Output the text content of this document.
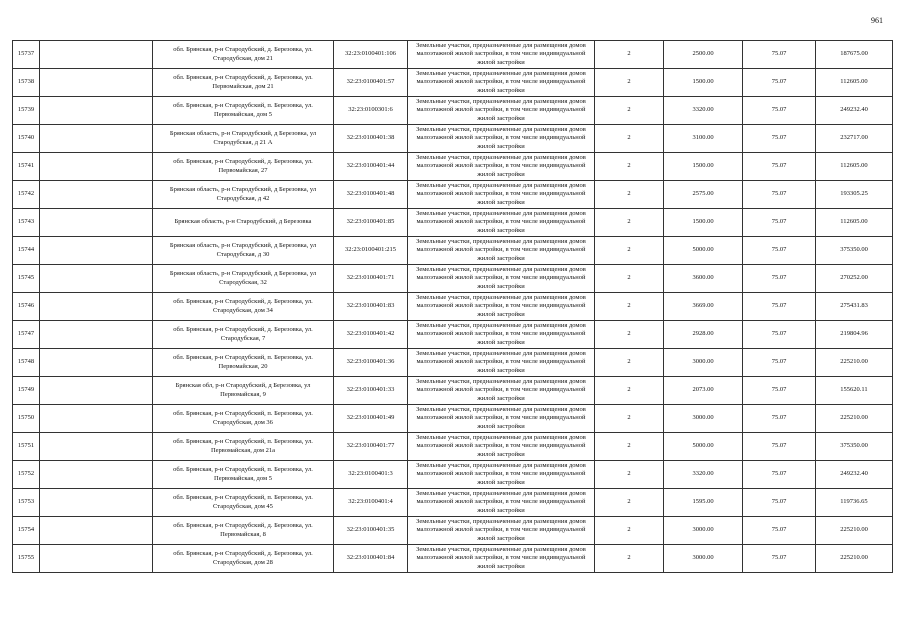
961
15737		обл. Брянская, р-н Стародубский, д. Березовка, ул. Стародубская, дом 21	32:23:0100401:106	Земельные участки, предназначенные для размещения домов малоэтажной жилой застройки, в том числе индивидуальной жилой застройки	2	2500.00	75.07	187675.00
15738		обл. Брянская, р-н Стародубский, д. Березовка, ул. Первомайская, дом 21	32:23:0100401:57	Земельные участки, предназначенные для размещения домов малоэтажной жилой застройки, в том числе индивидуальной жилой застройки	2	1500.00	75.07	112605.00
15739		обл. Брянская, р-н Стародубский, п. Березовка, ул. Первомайская, дом 5	32:23:0100301:6	Земельные участки, предназначенные для размещения домов малоэтажной жилой застройки, в том числе индивидуальной жилой застройки	2	3320.00	75.07	249232.40
15740		Брянская область, р-н Стародубский, д Березовка, ул Стародубская, д 21 А	32:23:0100401:38	Земельные участки, предназначенные для размещения домов малоэтажной жилой застройки, в том числе индивидуальной жилой застройки	2	3100.00	75.07	232717.00
15741		обл. Брянская, р-н Стародубский, д. Березовка, ул. Первомайская, 27	32:23:0100401:44	Земельные участки, предназначенные для размещения домов малоэтажной жилой застройки, в том числе индивидуальной жилой застройки	2	1500.00	75.07	112605.00
15742		Брянская область, р-н Стародубский, д Березовка, ул Стародубская, д 42	32:23:0100401:48	Земельные участки, предназначенные для размещения домов малоэтажной жилой застройки, в том числе индивидуальной жилой застройки	2	2575.00	75.07	193305.25
15743		Брянская область, р-н Стародубский, д Березовка	32:23:0100401:85	Земельные участки, предназначенные для размещения домов малоэтажной жилой застройки, в том числе индивидуальной жилой застройки	2	1500.00	75.07	112605.00
15744		Брянская область, р-н Стародубский, д Березовка, ул Стародубская, д 30	32:23:0100401:215	Земельные участки, предназначенные для размещения домов малоэтажной жилой застройки, в том числе индивидуальной жилой застройки	2	5000.00	75.07	375350.00
15745		Брянская область, р-н Стародубский, д Березовка, ул Стародубская, 32	32:23:0100401:71	Земельные участки, предназначенные для размещения домов малоэтажной жилой застройки, в том числе индивидуальной жилой застройки	2	3600.00	75.07	270252.00
15746		обл. Брянская, р-н Стародубский, д. Березовка, ул. Стародубская, дом 34	32:23:0100401:83	Земельные участки, предназначенные для размещения домов малоэтажной жилой застройки, в том числе индивидуальной жилой застройки	2	3669.00	75.07	275431.83
15747		обл. Брянская, р-н Стародубский, д. Березовка, ул. Стародубская, 7	32:23:0100401:42	Земельные участки, предназначенные для размещения домов малоэтажной жилой застройки, в том числе индивидуальной жилой застройки	2	2928.00	75.07	219804.96
15748		обл. Брянская, р-н Стародубский, п. Березовка, ул. Первомайская, 20	32:23:0100401:36	Земельные участки, предназначенные для размещения домов малоэтажной жилой застройки, в том числе индивидуальной жилой застройки	2	3000.00	75.07	225210.00
15749		Брянская обл, р-н Стародубский, д Березовка, ул Первомайская, 9	32:23:0100401:33	Земельные участки, предназначенные для размещения домов малоэтажной жилой застройки, в том числе индивидуальной жилой застройки	2	2073.00	75.07	155620.11
15750		обл. Брянская, р-н Стародубский, п. Березовка, ул. Стародубская, дом 36	32:23:0100401:49	Земельные участки, предназначенные для размещения домов малоэтажной жилой застройки, в том числе индивидуальной жилой застройки	2	3000.00	75.07	225210.00
15751		обл. Брянская, р-н Стародубский, п. Березовка, ул. Первомайская, дом 21а	32:23:0100401:77	Земельные участки, предназначенные для размещения домов малоэтажной жилой застройки, в том числе индивидуальной жилой застройки	2	5000.00	75.07	375350.00
15752		обл. Брянская, р-н Стародубский, п. Березовка, ул. Первомайская, дом 5	32:23:0100401:3	Земельные участки, предназначенные для размещения домов малоэтажной жилой застройки, в том числе индивидуальной жилой застройки	2	3320.00	75.07	249232.40
15753		обл. Брянская, р-н Стародубский, п. Березовка, ул. Стародубская, дом 45	32:23:0100401:4	Земельные участки, предназначенные для размещения домов малоэтажной жилой застройки, в том числе индивидуальной жилой застройки	2	1595.00	75.07	119736.65
15754		обл. Брянская, р-н Стародубский, д. Березовка, ул. Первомайская, 8	32:23:0100401:35	Земельные участки, предназначенные для размещения домов малоэтажной жилой застройки, в том числе индивидуальной жилой застройки	2	3000.00	75.07	225210.00
15755		обл. Брянская, р-н Стародубский, д. Березовка, ул. Стародубская, дом 28	32:23:0100401:84	Земельные участки, предназначенные для размещения домов малоэтажной жилой застройки, в том числе индивидуальной жилой застройки	2	3000.00	75.07	225210.00
